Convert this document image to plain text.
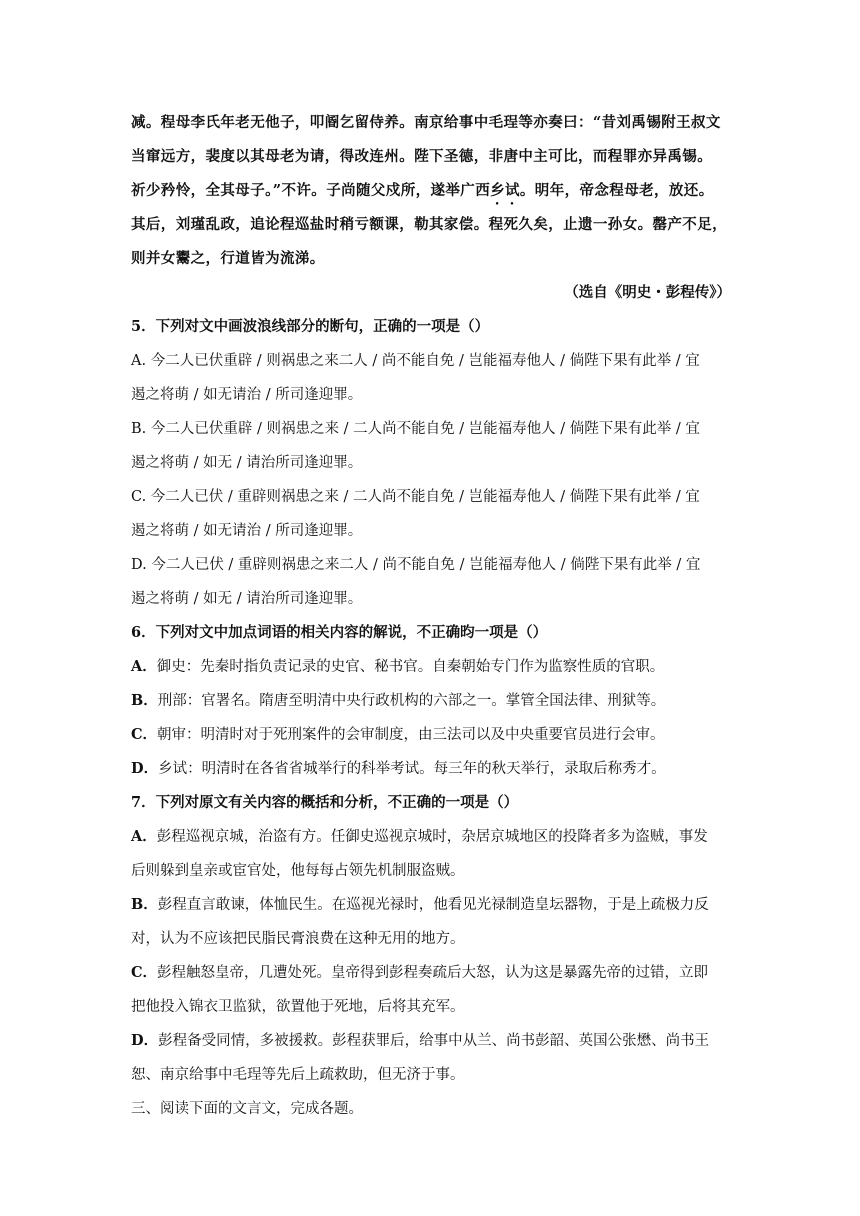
减。程母李氏年老无他子，叩阍乞留侍养。南京给事中毛珵等亦奏曰：“昔刘禹锡附王叔文

当窜远方，裴度以其母老为请，得改连州。陛下圣德，非唐中主可比，而程罪亦异禹锡。

祈少矜怜，全其母子。”不许。子尚随父戍所，遂举广西乡试。明年，帝念程母老，放还。

其后，刘瑾乱政，追论程巡盐时稍亏额课，勒其家偿。程死久矣，止遗一孙女。罄产不足，

则并女鬻之，行道皆为流涕。

（选自《明史・彭程传》）

5．下列对文中画波浪线部分的断句，正确的一项是（）

A. 今二人已伏重辟 / 则祸患之来二人 / 尚不能自免 / 岂能福寿他人 / 倘陛下果有此举 / 宜

遏之将萌 / 如无请治 / 所司逢迎罪。

B. 今二人已伏重辟 / 则祸患之来 / 二人尚不能自免 / 岂能福寿他人 / 倘陛下果有此举 / 宜

遏之将萌 / 如无 / 请治所司逢迎罪。

C. 今二人已伏 / 重辟则祸患之来 / 二人尚不能自免 / 岂能福寿他人 / 倘陛下果有此举 / 宜

遏之将萌 / 如无请治 / 所司逢迎罪。

D. 今二人已伏 / 重辟则祸患之来二人 / 尚不能自免 / 岂能福寿他人 / 倘陛下果有此举 / 宜

遏之将萌 / 如无 / 请治所司逢迎罪。

6．下列对文中加点词语的相关内容的解说，不正确昀一项是（）

A．御史：先秦时指负责记录的史官、秘书官。自秦朝始专门作为监察性质的官职。

B．刑部：官署名。隋唐至明清中央行政机构的六部之一。掌管全国法律、刑狱等。

C．朝审：明清时对于死刑案件的会审制度，由三法司以及中央重要官员进行会审。

D．乡试：明清时在各省省城举行的科举考试。每三年的秋天举行，录取后称秀才。

7．下列对原文有关内容的概括和分析，不正确的一项是（）

A．彭程巡视京城，治盗有方。任御史巡视京城时，杂居京城地区的投降者多为盗贼，事发

后则躲到皇亲或宦官处，他每每占领先机制服盗贼。

B．彭程直言敢谏，体恤民生。在巡视光禄时，他看见光禄制造皇坛器物，于是上疏极力反

对，认为不应该把民脂民膏浪费在这种无用的地方。

C．彭程触怒皇帝，几遭处死。皇帝得到彭程奏疏后大怒，认为这是暴露先帝的过错，立即

把他投入锦衣卫监狱，欲置他于死地，后将其充军。

D．彭程备受同情，多被援救。彭程获罪后，给事中从兰、尚书彭韶、英国公张懋、尚书王

恕、南京给事中毛珵等先后上疏救助，但无济于事。

三、阅读下面的文言文，完成各题。
